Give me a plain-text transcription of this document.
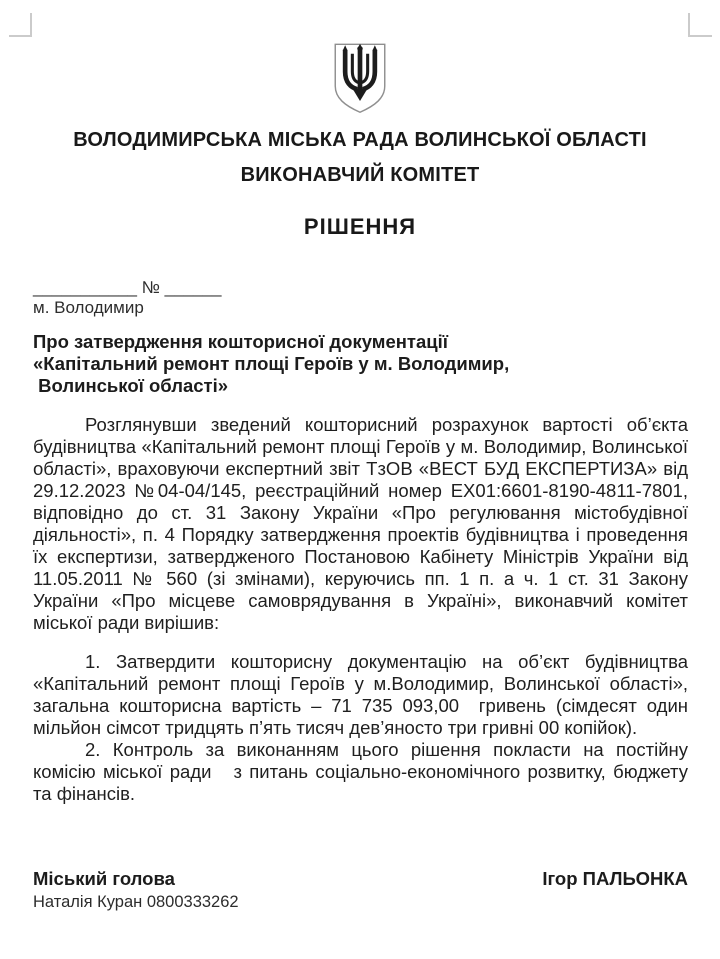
ВОЛОДИМИРСЬКА МІСЬКА РАДА ВОЛИНСЬКОЇ ОБЛАСТІ
ВИКОНАВЧИЙ КОМІТЕТ
РІШЕННЯ
___________ № ______
м. Володимир
Про затвердження кошторисної документації
«Капітальний ремонт площі Героїв у м. Володимир,
Волинської області»

Розглянувши зведений кошторисний розрахунок вартості об’єкта будівництва «Капітальний ремонт площі Героїв у м. Володимир, Волинської області», враховуючи експертний звіт ТзОВ «ВЕСТ БУД ЕКСПЕРТИЗА» від 29.12.2023 №04-04/145, реєстраційний номер ЕХ01:6601-8190-4811-7801, відповідно до ст. 31 Закону України «Про регулювання містобудівної діяльності», п. 4 Порядку затвердження проектів будівництва і проведення їх експертизи, затвердженого Постановою Кабінету Міністрів України від 11.05.2011 № 560 (зі змінами), керуючись пп. 1 п. а ч. 1 ст. 31 Закону України «Про місцеве самоврядування в Україні», виконавчий комітет міської ради вирішив:

1. Затвердити кошторисну документацію на об’єкт будівництва «Капітальний ремонт площі Героїв у м.Володимир, Волинської області», загальна кошторисна вартість – 71 735 093,00  гривень (сімдесят один мільйон сімсот тридцять п’ять тисяч дев’яносто три гривні 00 копійок).

2. Контроль за виконанням цього рішення покласти на постійну комісію міської ради   з питань соціально-економічного розвитку, бюджету та фінансів.

Міський голова	Ігор ПАЛЬОНКА
Наталія Куран 0800333262
